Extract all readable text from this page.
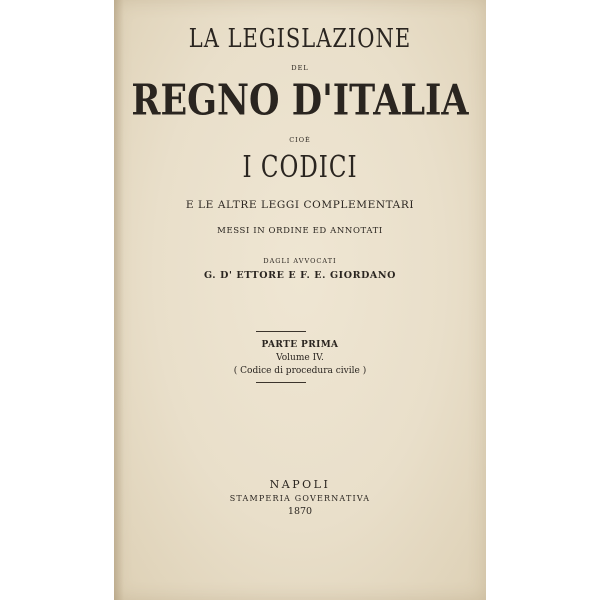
LA LEGISLAZIONE
DEL
REGNO D'ITALIA
CIOÈ
I CODICI
E LE ALTRE LEGGI COMPLEMENTARI
MESSI IN ORDINE ED ANNOTATI
DAGLI AVVOCATI
G. D' ETTORE E F. E. GIORDANO
PARTE PRIMA
Volume IV.
( Codice di procedura civile )
NAPOLI
STAMPERIA GOVERNATIVA
1870
